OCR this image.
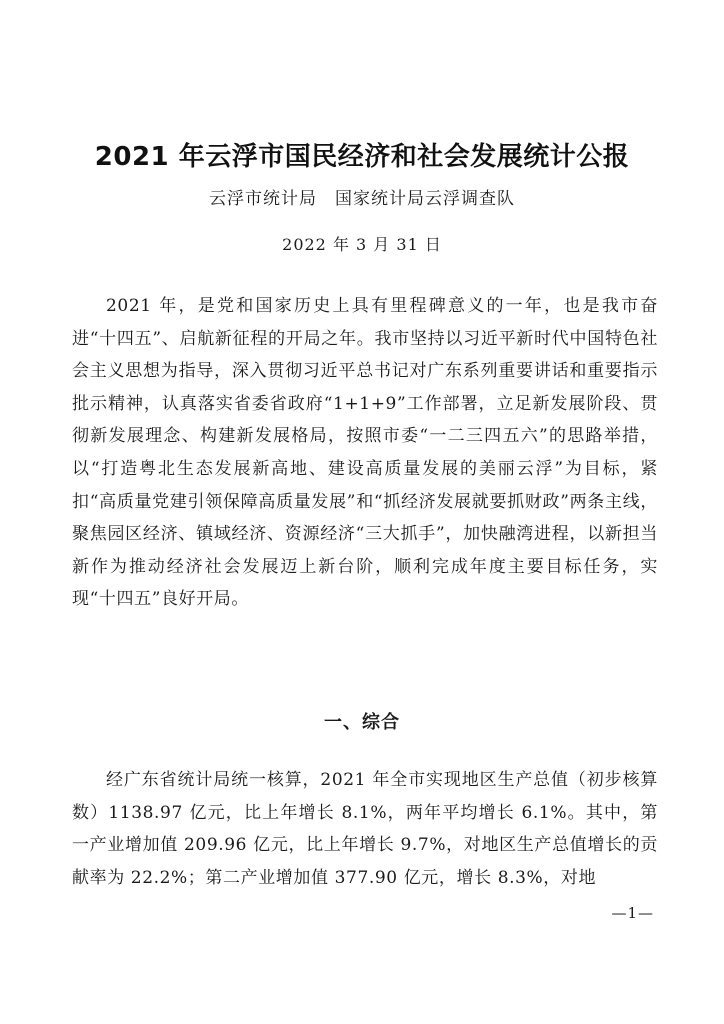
2021 年云浮市国民经济和社会发展统计公报
云浮市统计局　国家统计局云浮调查队
2022 年 3 月 31 日

2021 年，是党和国家历史上具有里程碑意义的一年，也是我市奋进“十四五”、启航新征程的开局之年。我市坚持以习近平新时代中国特色社会主义思想为指导，深入贯彻习近平总书记对广东系列重要讲话和重要指示批示精神，认真落实省委省政府“1+1+9”工作部署，立足新发展阶段、贯彻新发展理念、构建新发展格局，按照市委“一二三四五六”的思路举措，以“打造粤北生态发展新高地、建设高质量发展的美丽云浮”为目标，紧扣“高质量党建引领保障高质量发展”和“抓经济发展就要抓财政”两条主线，聚焦园区经济、镇域经济、资源经济“三大抓手”，加快融湾进程，以新担当新作为推动经济社会发展迈上新台阶，顺利完成年度主要目标任务，实现“十四五”良好开局。

一、综合

经广东省统计局统一核算，2021 年全市实现地区生产总值（初步核算数）1138.97 亿元，比上年增长 8.1%，两年平均增长 6.1%。其中，第一产业增加值 209.96 亿元，比上年增长 9.7%，对地区生产总值增长的贡献率为 22.2%；第二产业增加值 377.90 亿元，增长 8.3%，对地

—1—
